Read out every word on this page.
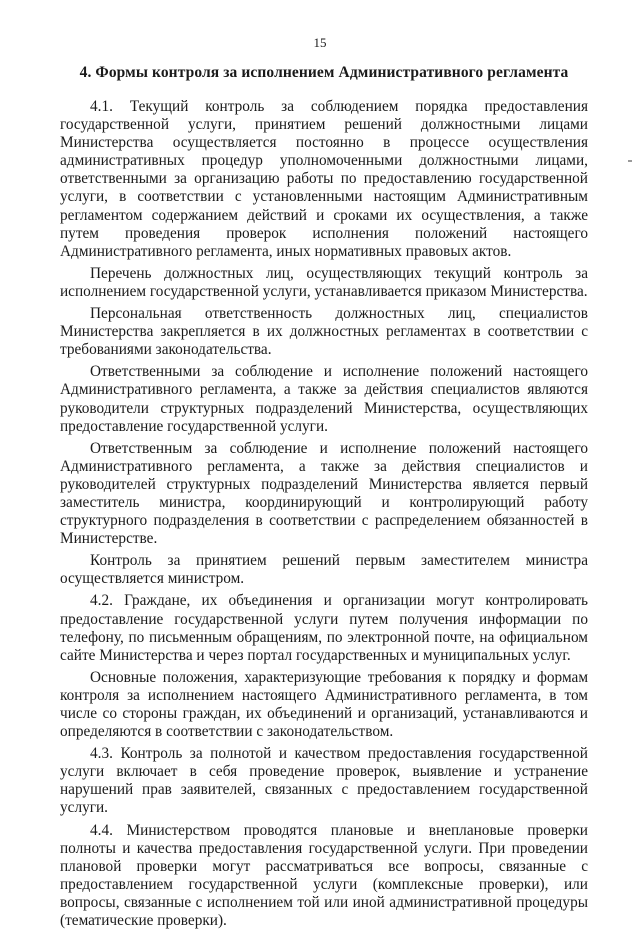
15
4. Формы контроля за исполнением Административного регламента

4.1. Текущий контроль за соблюдением порядка предоставления государственной услуги, принятием решений должностными лицами Министерства осуществляется постоянно в процессе осуществления административных процедур уполномоченными должностными лицами, ответственными за организацию работы по предоставлению государственной услуги, в соответствии с установленными настоящим Административным регламентом содержанием действий и сроками их осуществления, а также путем проведения проверок исполнения положений настоящего Административного регламента, иных нормативных правовых актов.

Перечень должностных лиц, осуществляющих текущий контроль за исполнением государственной услуги, устанавливается приказом Министерства.

Персональная ответственность должностных лиц, специалистов Министерства закрепляется в их должностных регламентах в соответствии с требованиями законодательства.

Ответственными за соблюдение и исполнение положений настоящего Административного регламента, а также за действия специалистов являются руководители структурных подразделений Министерства, осуществляющих предоставление государственной услуги.

Ответственным за соблюдение и исполнение положений настоящего Административного регламента, а также за действия специалистов и руководителей структурных подразделений Министерства является первый заместитель министра, координирующий и контролирующий работу структурного подразделения в соответствии с распределением обязанностей в Министерстве.

Контроль за принятием решений первым заместителем министра осуществляется министром.

4.2. Граждане, их объединения и организации могут контролировать предоставление государственной услуги путем получения информации по телефону, по письменным обращениям, по электронной почте, на официальном сайте Министерства и через портал государственных и муниципальных услуг.

Основные положения, характеризующие требования к порядку и формам контроля за исполнением настоящего Административного регламента, в том числе со стороны граждан, их объединений и организаций, устанавливаются и определяются в соответствии с законодательством.

4.3. Контроль за полнотой и качеством предоставления государственной услуги включает в себя проведение проверок, выявление и устранение нарушений прав заявителей, связанных с предоставлением государственной услуги.

4.4. Министерством проводятся плановые и внеплановые проверки полноты и качества предоставления государственной услуги. При проведении плановой проверки могут рассматриваться все вопросы, связанные с предоставлением государственной услуги (комплексные проверки), или вопросы, связанные с исполнением той или иной административной процедуры (тематические проверки).
